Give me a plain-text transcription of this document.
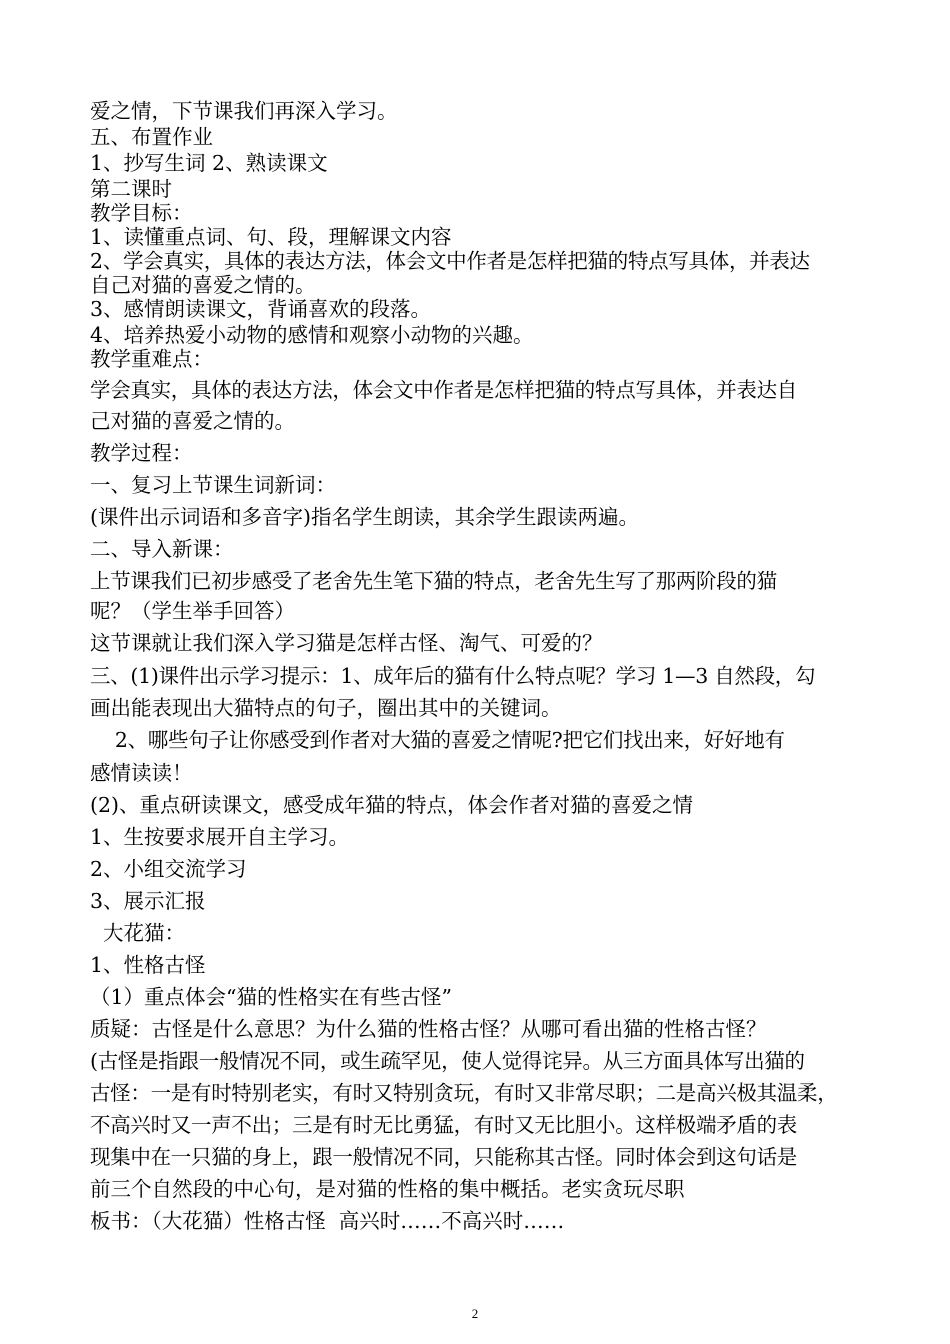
爱之情，下节课我们再深入学习。
五、布置作业
1、抄写生词 2、熟读课文
第二课时
教学目标：
1、读懂重点词、句、段，理解课文内容
2、学会真实，具体的表达方法，体会文中作者是怎样把猫的特点写具体，并表达
自己对猫的喜爱之情的。
3、感情朗读课文，背诵喜欢的段落。
4、培养热爱小动物的感情和观察小动物的兴趣。
教学重难点：
学会真实，具体的表达方法，体会文中作者是怎样把猫的特点写具体，并表达自
己对猫的喜爱之情的。
教学过程：
一、复习上节课生词新词：
(课件出示词语和多音字)指名学生朗读，其余学生跟读两遍。
二、导入新课：
上节课我们已初步感受了老舍先生笔下猫的特点，老舍先生写了那两阶段的猫
呢？（学生举手回答）
这节课就让我们深入学习猫是怎样古怪、淘气、可爱的？
三、(1)课件出示学习提示：1、成年后的猫有什么特点呢？学习 1—3 自然段，勾
画出能表现出大猫特点的句子，圈出其中的关键词。
2、哪些句子让你感受到作者对大猫的喜爱之情呢?把它们找出来，好好地有
感情读读！
(2)、重点研读课文，感受成年猫的特点，体会作者对猫的喜爱之情
1、生按要求展开自主学习。
2、小组交流学习
3、展示汇报
大花猫：
1、性格古怪
（1）重点体会“猫的性格实在有些古怪”
质疑：古怪是什么意思？为什么猫的性格古怪？从哪可看出猫的性格古怪？
(古怪是指跟一般情况不同，或生疏罕见，使人觉得诧异。从三方面具体写出猫的
古怪：一是有时特别老实，有时又特别贪玩，有时又非常尽职；二是高兴极其温柔，
不高兴时又一声不出；三是有时无比勇猛，有时又无比胆小。这样极端矛盾的表
现集中在一只猫的身上，跟一般情况不同，只能称其古怪。同时体会到这句话是
前三个自然段的中心句，是对猫的性格的集中概括。老实贪玩尽职
板书：（大花猫）性格古怪  高兴时……不高兴时……
2
